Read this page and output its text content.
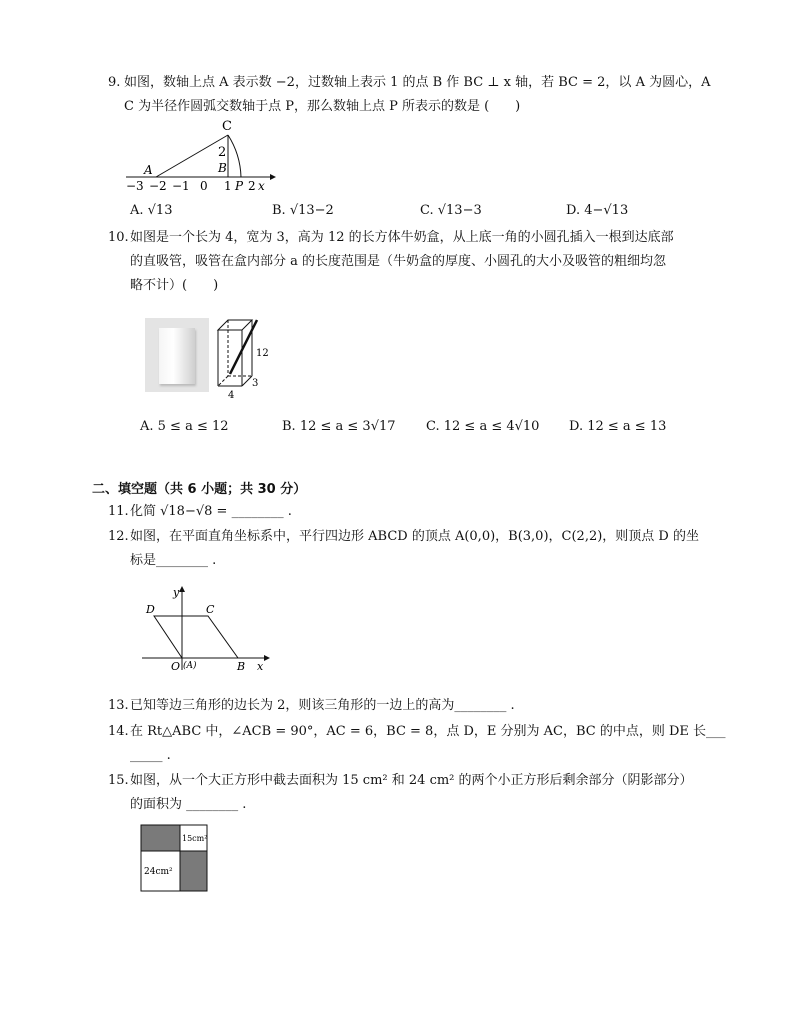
9. 如图，数轴上点 A 表示数 −2，过数轴上表示 1 的点 B 作 BC ⊥ x 轴，若 BC = 2，以 A 为圆心，A
C 为半径作圆弧交数轴于点 P，那么数轴上点 P 所表示的数是 (　　)
C
2
B
A
−3 −2 −1 0 1 P 2 x
A. √13	B. √13−2	C. √13−3	D. 4−√13
10. 如图是一个长为 4，宽为 3，高为 12 的长方体牛奶盒，从上底一角的小圆孔插入一根到达底部
的直吸管，吸管在盒内部分 a 的长度范围是（牛奶盒的厚度、小圆孔的大小及吸管的粗细均忽
略不计）(　　)
12
3
4
A. 5 ≤ a ≤ 12	B. 12 ≤ a ≤ 3√17 C. 12 ≤ a ≤ 4√10 D. 12 ≤ a ≤ 13
二、填空题（共 6 小题；共 30 分）
11. 化简 √18−√8 = ________ .
12. 如图，在平面直角坐标系中，平行四边形 ABCD 的顶点 A(0,0)，B(3,0)，C(2,2)，则顶点 D 的坐
标是________ .
D	C
y
O (A)	B x
13. 已知等边三角形的边长为 2，则该三角形的一边上的高为________ .
14. 在 Rt△ABC 中，∠ACB = 90°，AC = 6，BC = 8，点 D，E 分别为 AC，BC 的中点，则 DE 长___
_____ .
15. 如图，从一个大正方形中截去面积为 15 cm² 和 24 cm² 的两个小正方形后剩余部分（阴影部分）
的面积为 ________ .
15cm²
24cm²
